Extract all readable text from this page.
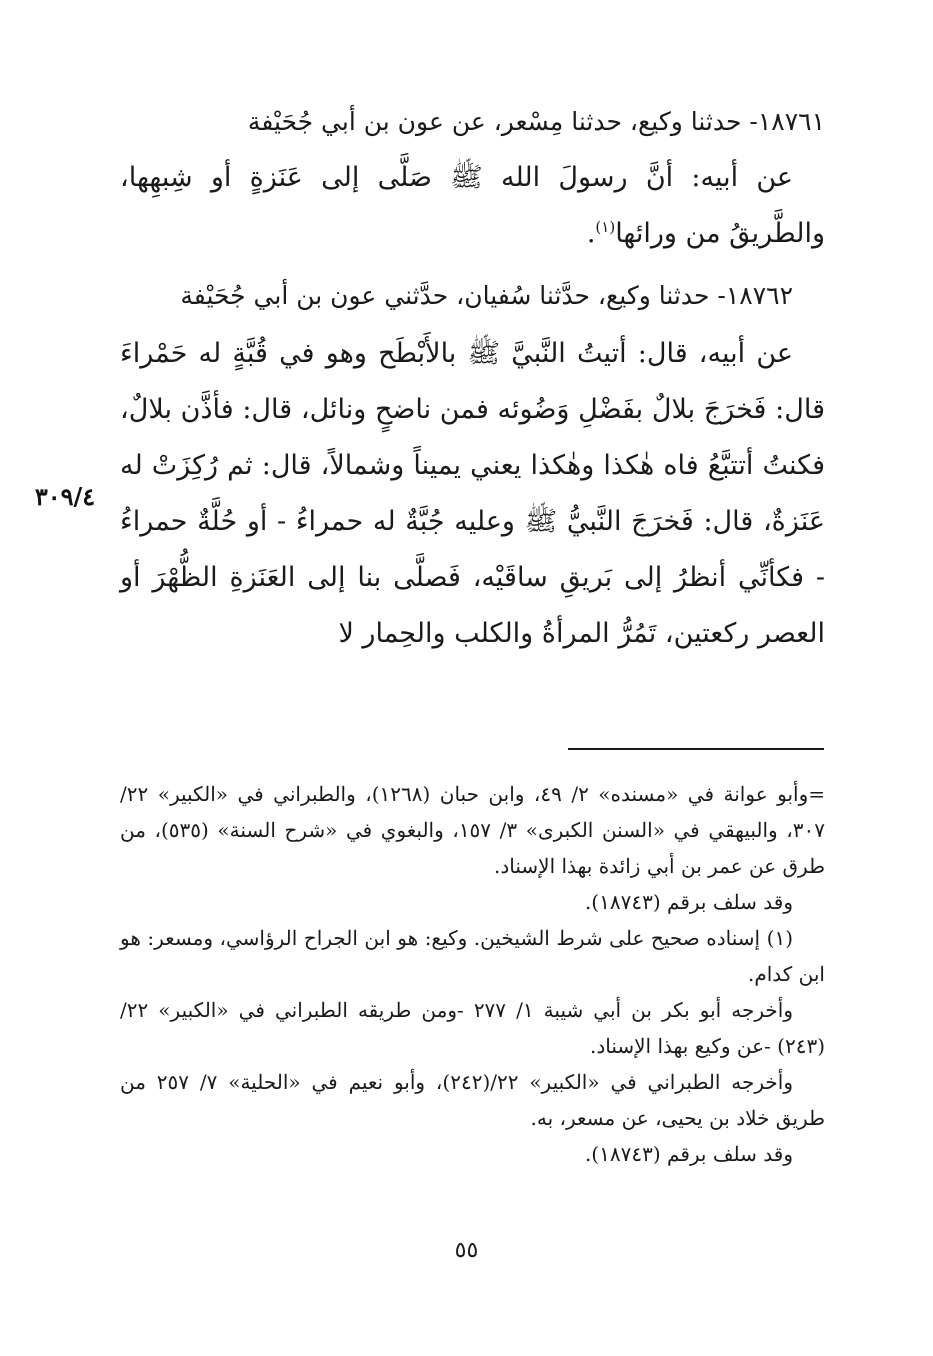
١٨٧٦١- حدثنا وكيع، حدثنا مِسْعر، عن عون بن أبي جُحَيْفة

عن أبيه: أنَّ رسولَ الله ﷺ صَلَّى إلى عَنَزةٍ أو شِبهِها، والطَّريقُ من ورائها$^{(١)}$.

١٨٧٦٢- حدثنا وكيع، حدَّثنا سُفيان، حدَّثني عون بن أبي جُحَيْفة

عن أبيه، قال: أتيتُ النَّبيَّ ﷺ بالأَبْطَح وهو في قُبَّةٍ له حَمْراءَ قال: فَخرَجَ بلالٌ بفَضْلِ وَضُوئه فمن ناضحٍ ونائل، قال: فأذَّن بلالٌ، فكنتُ أتتبَّعُ فاه هٰكذا وهٰكذا يعني يميناً وشمالاً، قال: ثم رُكِزَتْ له عَنَزةٌ، قال: فَخرَجَ النَّبيُّ ﷺ وعليه جُبَّةٌ له حمراءُ - أو حُلَّةٌ حمراءُ - فكأنِّي أنظرُ إلى بَريقِ ساقَيْه، فَصلَّى بنا إلى العَنَزةِ الظُّهْرَ أو العصر ركعتين، تَمُرُّ المرأةُ والكلب والحِمار لا

٣٠٩/٤

=وأبو عوانة في «مسنده» ٢/ ٤٩، وابن حبان (١٢٦٨)، والطبراني في «الكبير» ٢٢/ ٣٠٧، والبيهقي في «السنن الكبرى» ٣/ ١٥٧، والبغوي في «شرح السنة» (٥٣٥)، من طرق عن عمر بن أبي زائدة بهذا الإسناد.

وقد سلف برقم (١٨٧٤٣).

(١) إسناده صحيح على شرط الشيخين. وكيع: هو ابن الجراح الرؤاسي، ومسعر: هو ابن كدام.

وأخرجه أبو بكر بن أبي شيبة ١/ ٢٧٧ -ومن طريقه الطبراني في «الكبير» ٢٢/ (٢٤٣) -عن وكيع بهذا الإسناد.

وأخرجه الطبراني في «الكبير» ٢٢/(٢٤٢)، وأبو نعيم في «الحلية» ٧/ ٢٥٧ من طريق خلاد بن يحيى، عن مسعر، به.

وقد سلف برقم (١٨٧٤٣).

٥٥
